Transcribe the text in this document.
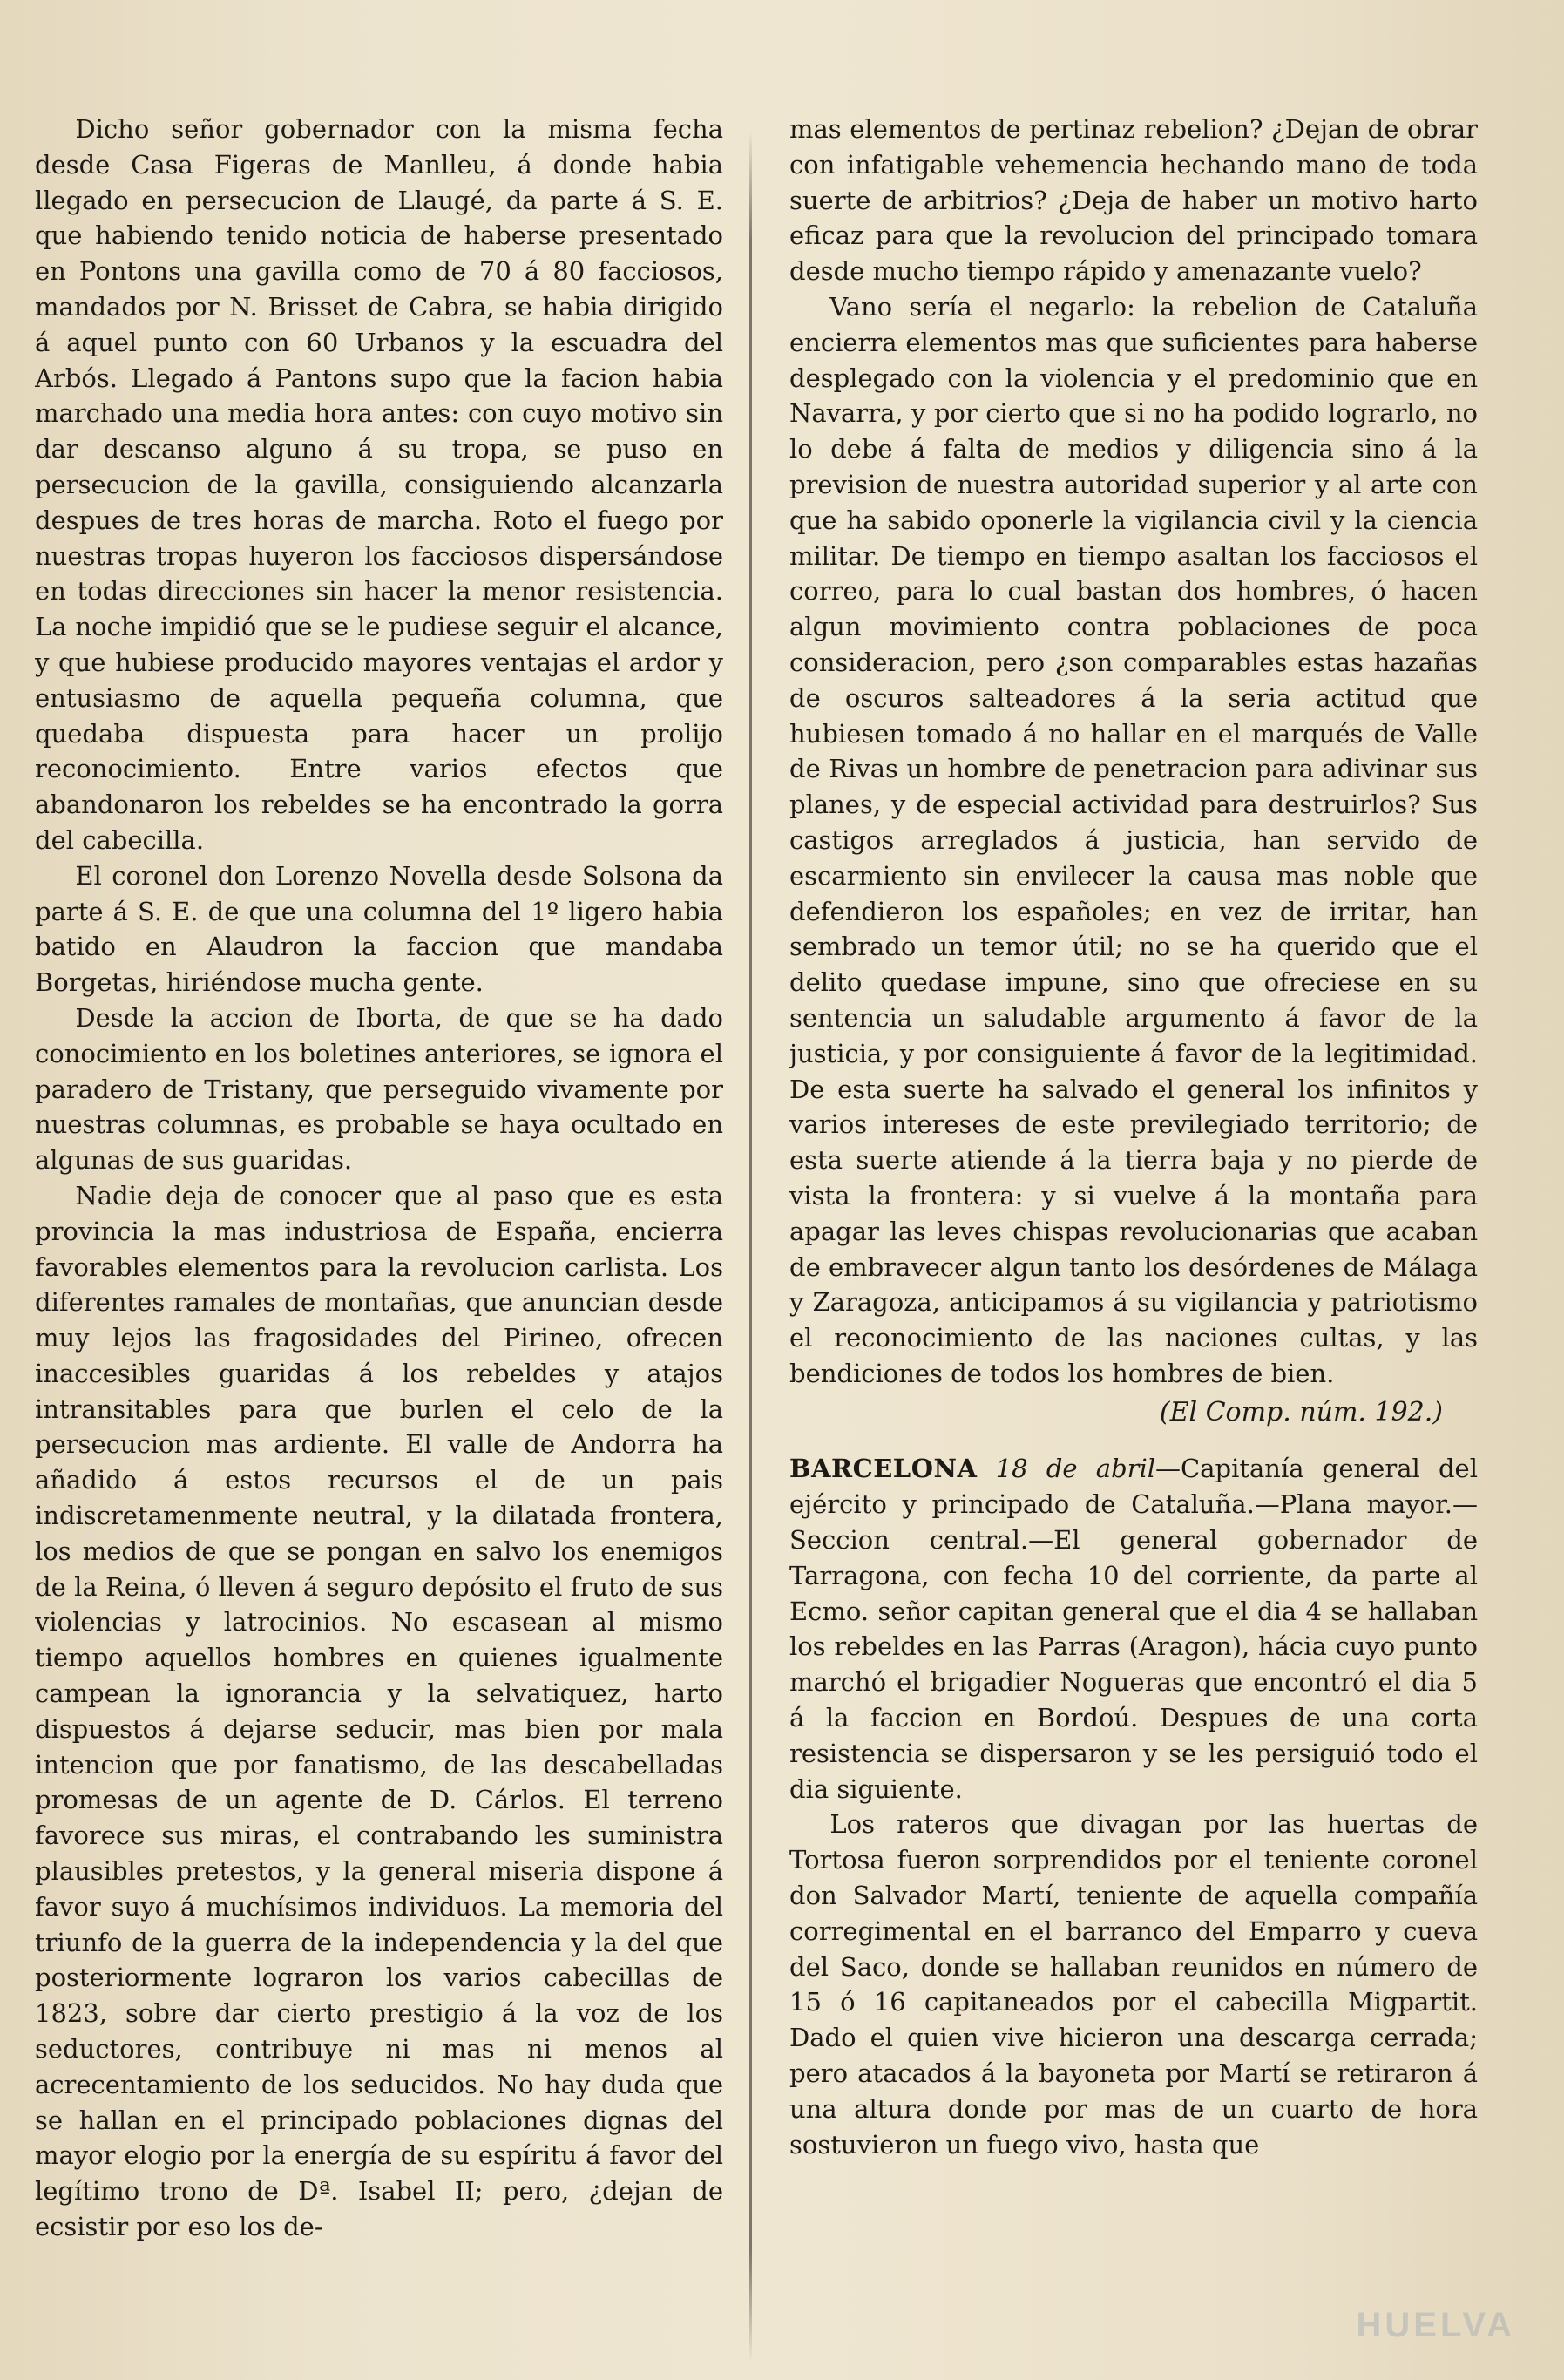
Dicho señor gobernador con la misma fecha desde Casa Figeras de Manlleu, á donde habia llegado en persecucion de Llaugé, da parte á S. E. que habiendo tenido noticia de haberse presentado en Pontons una gavilla como de 70 á 80 facciosos, mandados por N. Brisset de Cabra, se habia dirigido á aquel punto con 60 Urbanos y la escuadra del Arbós. Llegado á Pantons supo que la facion habia marchado una media hora antes: con cuyo motivo sin dar descanso alguno á su tropa, se puso en persecucion de la gavilla, consiguiendo alcanzarla despues de tres horas de marcha. Roto el fuego por nuestras tropas huyeron los facciosos dispersándose en todas direcciones sin hacer la menor resistencia. La noche impidió que se le pudiese seguir el alcance, y que hubiese producido mayores ventajas el ardor y entusiasmo de aquella pequeña columna, que quedaba dispuesta para hacer un prolijo reconocimiento. Entre varios efectos que abandonaron los rebeldes se ha encontrado la gorra del cabecilla.

El coronel don Lorenzo Novella desde Solsona da parte á S. E. de que una columna del 1º ligero habia batido en Alaudron la faccion que mandaba Borgetas, hiriéndose mucha gente.

Desde la accion de Iborta, de que se ha dado conocimiento en los boletines anteriores, se ignora el paradero de Tristany, que perseguido vivamente por nuestras columnas, es probable se haya ocultado en algunas de sus guaridas.

Nadie deja de conocer que al paso que es esta provincia la mas industriosa de España, encierra favorables elementos para la revolucion carlista. Los diferentes ramales de montañas, que anuncian desde muy lejos las fragosidades del Pirineo, ofrecen inaccesibles guaridas á los rebeldes y atajos intransitables para que burlen el celo de la persecucion mas ardiente. El valle de Andorra ha añadido á estos recursos el de un pais indiscretamenmente neutral, y la dilatada frontera, los medios de que se pongan en salvo los enemigos de la Reina, ó lleven á seguro depósito el fruto de sus violencias y latrocinios. No escasean al mismo tiempo aquellos hombres en quienes igualmente campean la ignorancia y la selvatiquez, harto dispuestos á dejarse seducir, mas bien por mala intencion que por fanatismo, de las descabelladas promesas de un agente de D. Cárlos. El terreno favorece sus miras, el contrabando les suministra plausibles pretestos, y la general miseria dispone á favor suyo á muchísimos individuos. La memoria del triunfo de la guerra de la independencia y la del que posteriormente lograron los varios cabecillas de 1823, sobre dar cierto prestigio á la voz de los seductores, contribuye ni mas ni menos al acrecentamiento de los seducidos. No hay duda que se hallan en el principado poblaciones dignas del mayor elogio por la energía de su espíritu á favor del legítimo trono de Dª. Isabel II; pero, ¿dejan de ecsistir por eso los de-

mas elementos de pertinaz rebelion? ¿Dejan de obrar con infatigable vehemencia hechando mano de toda suerte de arbitrios? ¿Deja de haber un motivo harto eficaz para que la revolucion del principado tomara desde mucho tiempo rápido y amenazante vuelo?

Vano sería el negarlo: la rebelion de Cataluña encierra elementos mas que suficientes para haberse desplegado con la violencia y el predominio que en Navarra, y por cierto que si no ha podido lograrlo, no lo debe á falta de medios y diligencia sino á la prevision de nuestra autoridad superior y al arte con que ha sabido oponerle la vigilancia civil y la ciencia militar. De tiempo en tiempo asaltan los facciosos el correo, para lo cual bastan dos hombres, ó hacen algun movimiento contra poblaciones de poca consideracion, pero ¿son comparables estas hazañas de oscuros salteadores á la seria actitud que hubiesen tomado á no hallar en el marqués de Valle de Rivas un hombre de penetracion para adivinar sus planes, y de especial actividad para destruirlos? Sus castigos arreglados á justicia, han servido de escarmiento sin envilecer la causa mas noble que defendieron los españoles; en vez de irritar, han sembrado un temor útil; no se ha querido que el delito quedase impune, sino que ofreciese en su sentencia un saludable argumento á favor de la justicia, y por consiguiente á favor de la legitimidad. De esta suerte ha salvado el general los infinitos y varios intereses de este previlegiado territorio; de esta suerte atiende á la tierra baja y no pierde de vista la frontera: y si vuelve á la montaña para apagar las leves chispas revolucionarias que acaban de embravecer algun tanto los desórdenes de Málaga y Zaragoza, anticipamos á su vigilancia y patriotismo el reconocimiento de las naciones cultas, y las bendiciones de todos los hombres de bien.

(El Comp. núm. 192.)

BARCELONA 18 de abril—Capitanía general del ejército y principado de Cataluña.—Plana mayor.—Seccion central.—El general gobernador de Tarragona, con fecha 10 del corriente, da parte al Ecmo. señor capitan general que el dia 4 se hallaban los rebeldes en las Parras (Aragon), hácia cuyo punto marchó el brigadier Nogueras que encontró el dia 5 á la faccion en Bordoú. Despues de una corta resistencia se dispersaron y se les persiguió todo el dia siguiente.

Los rateros que divagan por las huertas de Tortosa fueron sorprendidos por el teniente coronel don Salvador Martí, teniente de aquella compañía corregimental en el barranco del Emparro y cueva del Saco, donde se hallaban reunidos en número de 15 ó 16 capitaneados por el cabecilla Migpartit. Dado el quien vive hicieron una descarga cerrada; pero atacados á la bayoneta por Martí se retiraron á una altura donde por mas de un cuarto de hora sostuvieron un fuego vivo, hasta que

HUELVA
